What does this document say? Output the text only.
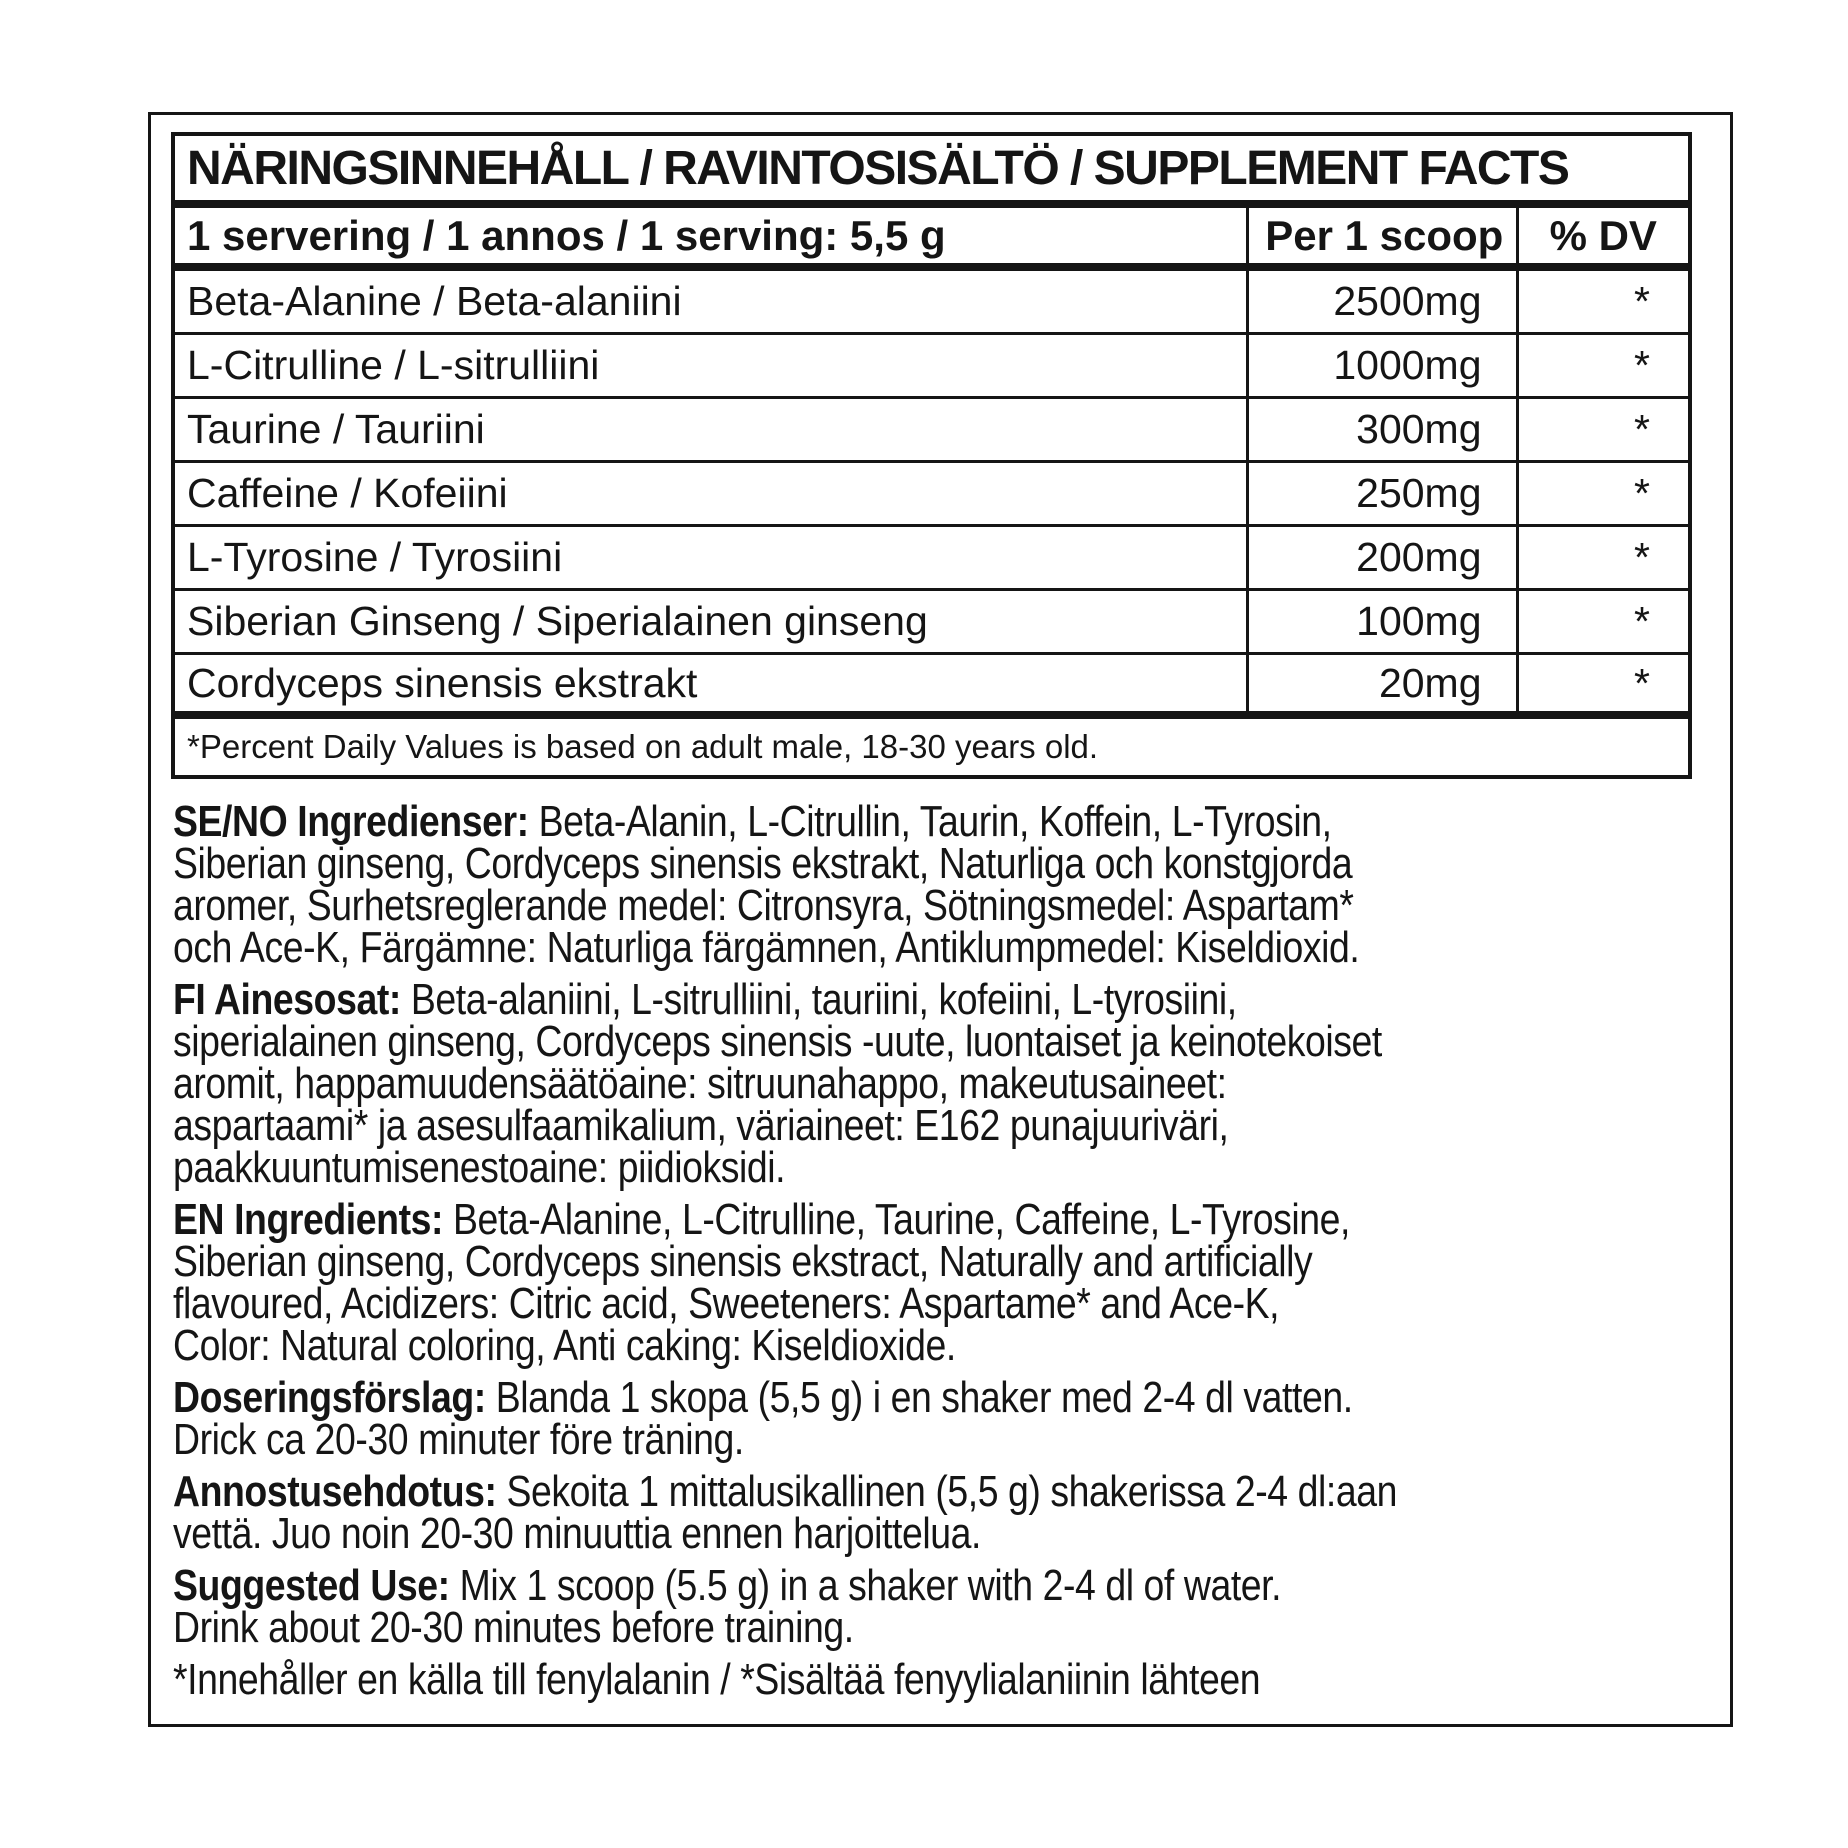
NÄRINGSINNEHÅLL / RAVINTOSISÄLTÖ / SUPPLEMENT FACTS
1 servering / 1 annos / 1 serving: 5,5 g	Per 1 scoop	% DV
Beta-Alanine / Beta-alaniini	2500mg	*
L-Citrulline / L-sitrulliini	1000mg	*
Taurine / Tauriini	300mg	*
Caffeine / Kofeiini	250mg	*
L-Tyrosine / Tyrosiini	200mg	*
Siberian Ginseng / Siperialainen ginseng	100mg	*
Cordyceps sinensis ekstrakt	20mg	*
*Percent Daily Values is based on adult male, 18-30 years old.
SE/NO Ingredienser: Beta-Alanin, L-Citrullin, Taurin, Koffein, L-Tyrosin,
Siberian ginseng, Cordyceps sinensis ekstrakt, Naturliga och konstgjorda
aromer, Surhetsreglerande medel: Citronsyra, Sötningsmedel: Aspartam*
och Ace-K, Färgämne: Naturliga färgämnen, Antiklumpmedel: Kiseldioxid.
FI Ainesosat: Beta-alaniini, L-sitrulliini, tauriini, kofeiini, L-tyrosiini,
siperialainen ginseng, Cordyceps sinensis -uute, luontaiset ja keinotekoiset
aromit, happamuudensäätöaine: sitruunahappo, makeutusaineet:
aspartaami* ja asesulfaamikalium, väriaineet: E162 punajuuriväri,
paakkuuntumisenestoaine: piidioksidi.
EN Ingredients: Beta-Alanine, L-Citrulline, Taurine, Caffeine, L-Tyrosine,
Siberian ginseng, Cordyceps sinensis ekstract, Naturally and artificially
flavoured, Acidizers: Citric acid, Sweeteners: Aspartame* and Ace-K,
Color: Natural coloring, Anti caking: Kiseldioxide.
Doseringsförslag: Blanda 1 skopa (5,5 g) i en shaker med 2-4 dl vatten.
Drick ca 20-30 minuter före träning.
Annostusehdotus: Sekoita 1 mittalusikallinen (5,5 g) shakerissa 2-4 dl:aan
vettä. Juo noin 20-30 minuuttia ennen harjoittelua.
Suggested Use: Mix 1 scoop (5.5 g) in a shaker with 2-4 dl of water.
Drink about 20-30 minutes before training.
*Innehåller en källa till fenylalanin / *Sisältää fenyylialaniinin lähteen
